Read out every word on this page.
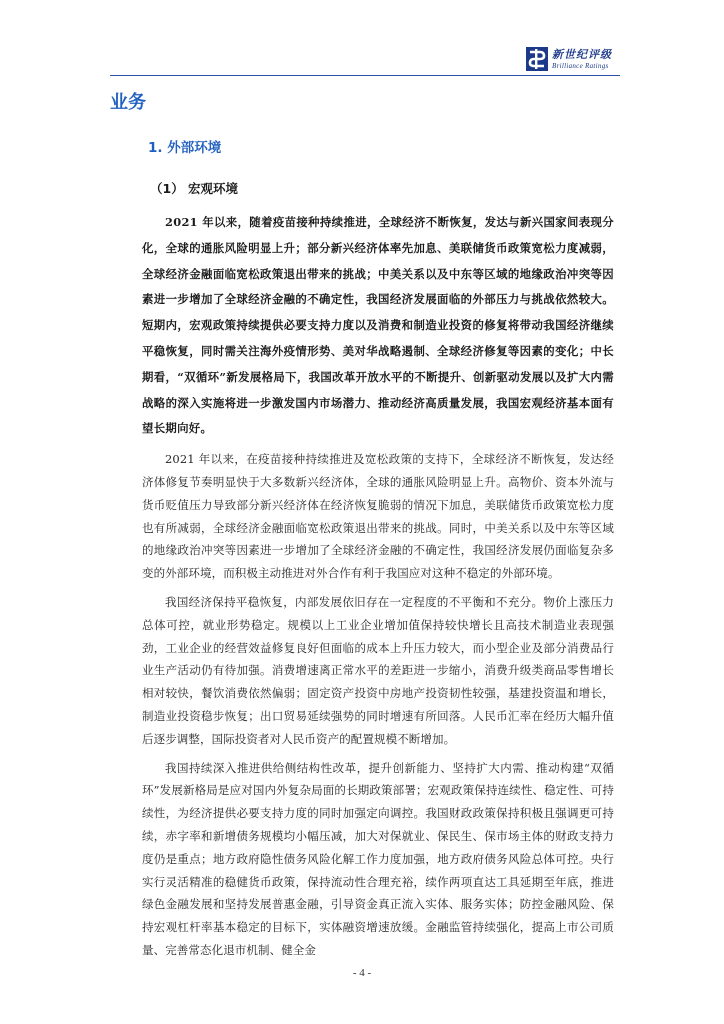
新世纪评级
Brilliance Ratings
业务
1. 外部环境
（1） 宏观环境

2021 年以来，随着疫苗接种持续推进，全球经济不断恢复，发达与新兴国家间表现分化，全球的通胀风险明显上升；部分新兴经济体率先加息、美联储货币政策宽松力度减弱，全球经济金融面临宽松政策退出带来的挑战；中美关系以及中东等区域的地缘政治冲突等因素进一步增加了全球经济金融的不确定性，我国经济发展面临的外部压力与挑战依然较大。短期内，宏观政策持续提供必要支持力度以及消费和制造业投资的修复将带动我国经济继续平稳恢复，同时需关注海外疫情形势、美对华战略遏制、全球经济修复等因素的变化；中长期看，“双循环”新发展格局下，我国改革开放水平的不断提升、创新驱动发展以及扩大内需战略的深入实施将进一步激发国内市场潜力、推动经济高质量发展，我国宏观经济基本面有望长期向好。

2021 年以来，在疫苗接种持续推进及宽松政策的支持下，全球经济不断恢复，发达经济体修复节奏明显快于大多数新兴经济体，全球的通胀风险明显上升。高物价、资本外流与货币贬值压力导致部分新兴经济体在经济恢复脆弱的情况下加息，美联储货币政策宽松力度也有所减弱，全球经济金融面临宽松政策退出带来的挑战。同时，中美关系以及中东等区域的地缘政治冲突等因素进一步增加了全球经济金融的不确定性，我国经济发展仍面临复杂多变的外部环境，而积极主动推进对外合作有利于我国应对这种不稳定的外部环境。

我国经济保持平稳恢复，内部发展依旧存在一定程度的不平衡和不充分。物价上涨压力总体可控，就业形势稳定。规模以上工业企业增加值保持较快增长且高技术制造业表现强劲，工业企业的经营效益修复良好但面临的成本上升压力较大，而小型企业及部分消费品行业生产活动仍有待加强。消费增速离正常水平的差距进一步缩小，消费升级类商品零售增长相对较快，餐饮消费依然偏弱；固定资产投资中房地产投资韧性较强，基建投资温和增长，制造业投资稳步恢复；出口贸易延续强势的同时增速有所回落。人民币汇率在经历大幅升值后逐步调整，国际投资者对人民币资产的配置规模不断增加。

我国持续深入推进供给侧结构性改革，提升创新能力、坚持扩大内需、推动构建“双循环”发展新格局是应对国内外复杂局面的长期政策部署；宏观政策保持连续性、稳定性、可持续性，为经济提供必要支持力度的同时加强定向调控。我国财政政策保持积极且强调更可持续，赤字率和新增债务规模均小幅压减，加大对保就业、保民生、保市场主体的财政支持力度仍是重点；地方政府隐性债务风险化解工作力度加强，地方政府债务风险总体可控。央行实行灵活精准的稳健货币政策，保持流动性合理充裕，续作两项直达工具延期至年底，推进绿色金融发展和坚持发展普惠金融，引导资金真正流入实体、服务实体；防控金融风险、保持宏观杠杆率基本稳定的目标下，实体融资增速放缓。金融监管持续强化，提高上市公司质量、完善常态化退市机制、健全金

- 4 -
